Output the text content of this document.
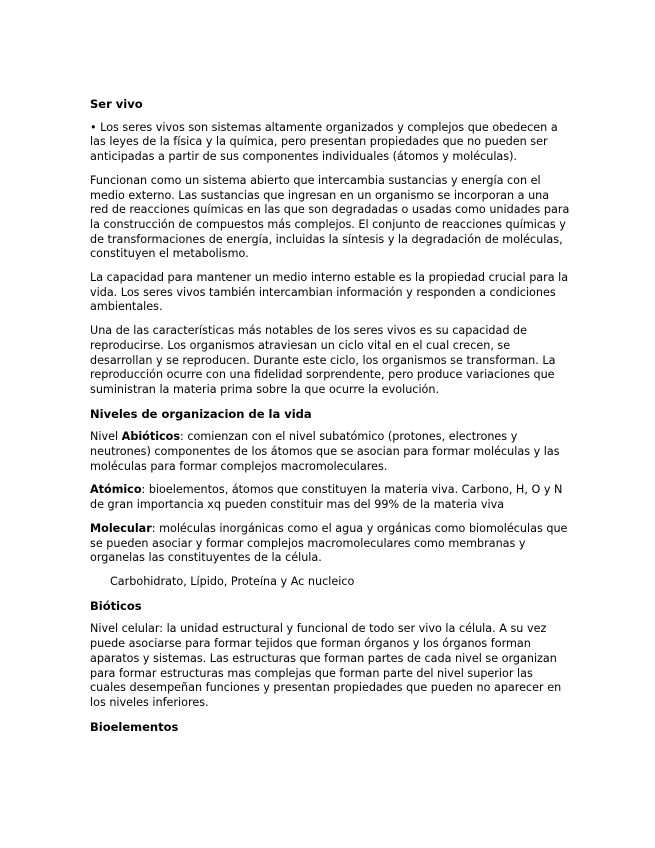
Ser vivo

• Los seres vivos son sistemas altamente organizados y complejos que obedecen a las leyes de la física y la química, pero presentan propiedades que no pueden ser anticipadas a partir de sus componentes individuales (átomos y moléculas).

Funcionan como un sistema abierto que intercambia sustancias y energía con el medio externo. Las sustancias que ingresan en un organismo se incorporan a una red de reacciones químicas en las que son degradadas o usadas como unidades para la construcción de compuestos más complejos. El conjunto de reacciones químicas y de transformaciones de energía, incluidas la síntesis y la degradación de moléculas, constituyen el metabolismo.

La capacidad para mantener un medio interno estable es la propiedad crucial para la vida. Los seres vivos también intercambian información y responden a condiciones ambientales.

Una de las características más notables de los seres vivos es su capacidad de reproducirse. Los organismos atraviesan un ciclo vital en el cual crecen, se desarrollan y se reproducen. Durante este ciclo, los organismos se transforman. La reproducción ocurre con una fidelidad sorprendente, pero produce variaciones que suministran la materia prima sobre la que ocurre la evolución.

Niveles de organizacion de la vida

Nivel Abióticos: comienzan con el nivel subatómico (protones, electrones y neutrones) componentes de los átomos que se asocian para formar moléculas y las moléculas para formar complejos macromoleculares.

Atómico: bioelementos, átomos que constituyen la materia viva. Carbono, H, O y N de gran importancia xq pueden constituir mas del 99% de la materia viva

Molecular: moléculas inorgánicas como el agua y orgánicas como biomoléculas que se pueden asociar y formar complejos macromoleculares como membranas y organelas las constituyentes de la célula.

Carbohidrato, Lípido, Proteína y Ac nucleico

Bióticos

Nivel celular: la unidad estructural y funcional de todo ser vivo la célula. A su vez puede asociarse para formar tejidos que forman órganos y los órganos forman aparatos y sistemas. Las estructuras que forman partes de cada nivel se organizan para formar estructuras mas complejas que forman parte del nivel superior las cuales desempeñan funciones y presentan propiedades que pueden no aparecer en los niveles inferiores.

Bioelementos
